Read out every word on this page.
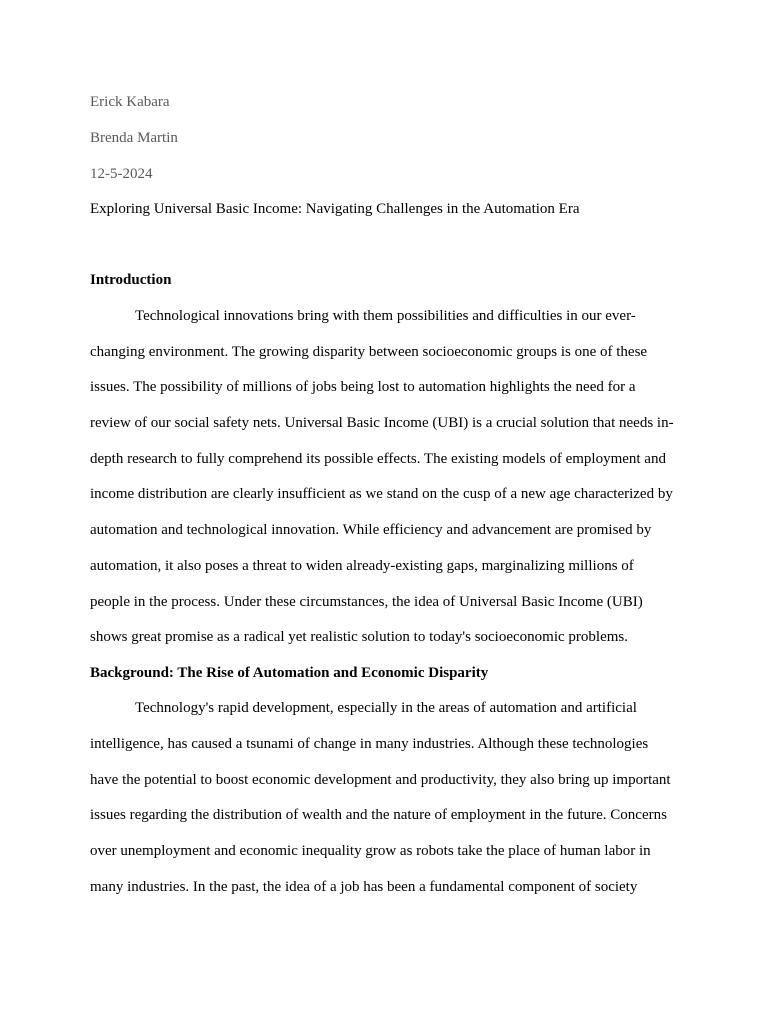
Erick Kabara
Brenda Martin
12-5-2024
Exploring Universal Basic Income: Navigating Challenges in the Automation Era
Introduction
Technological innovations bring with them possibilities and difficulties in our ever-
changing environment. The growing disparity between socioeconomic groups is one of these
issues. The possibility of millions of jobs being lost to automation highlights the need for a
review of our social safety nets. Universal Basic Income (UBI) is a crucial solution that needs in-
depth research to fully comprehend its possible effects. The existing models of employment and
income distribution are clearly insufficient as we stand on the cusp of a new age characterized by
automation and technological innovation. While efficiency and advancement are promised by
automation, it also poses a threat to widen already-existing gaps, marginalizing millions of
people in the process. Under these circumstances, the idea of Universal Basic Income (UBI)
shows great promise as a radical yet realistic solution to today's socioeconomic problems.
Background: The Rise of Automation and Economic Disparity
Technology's rapid development, especially in the areas of automation and artificial
intelligence, has caused a tsunami of change in many industries. Although these technologies
have the potential to boost economic development and productivity, they also bring up important
issues regarding the distribution of wealth and the nature of employment in the future. Concerns
over unemployment and economic inequality grow as robots take the place of human labor in
many industries. In the past, the idea of a job has been a fundamental component of society
